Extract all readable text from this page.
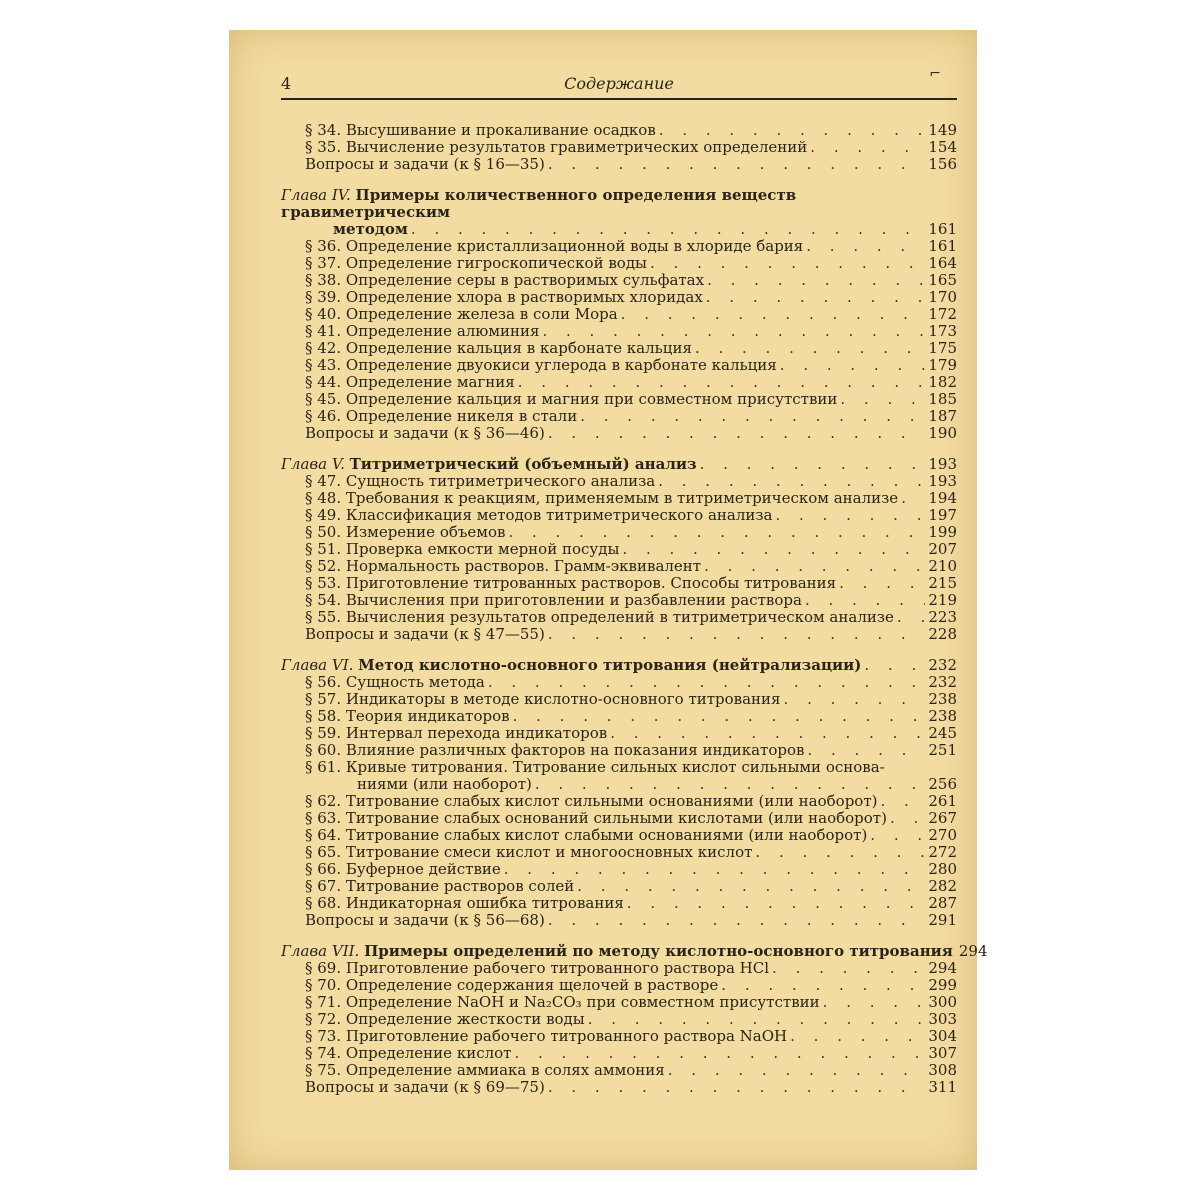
4	Содержание	⌐
§ 34. Высушивание и прокаливание осадков . . .	149
§ 35. Вычисление результатов гравиметрических определений . . .	154
Вопросы и задачи (к § 16—35) . . .	156
Глава IV. Примеры количественного определения веществ гравиметрическим
методом . . .	161
§ 36. Определение кристаллизационной воды в хлориде бария . . .	161
§ 37. Определение гигроскопической воды . . .	164
§ 38. Определение серы в растворимых сульфатах . . .	165
§ 39. Определение хлора в растворимых хлоридах . . .	170
§ 40. Определение железа в соли Мора . . .	172
§ 41. Определение алюминия . . .	173
§ 42. Определение кальция в карбонате кальция . . .	175
§ 43. Определение двуокиси углерода в карбонате кальция . . .	179
§ 44. Определение магния . . .	182
§ 45. Определение кальция и магния при совместном присутствии . . .	185
§ 46. Определение никеля в стали . . .	187
Вопросы и задачи (к § 36—46) . . .	190
Глава V. Титриметрический (объемный) анализ . . .	193
§ 47. Сущность титриметрического анализа . . .	193
§ 48. Требования к реакциям, применяемым в титриметрическом анализе . . . 194
§ 49. Классификация методов титриметрического анализа . . .	197
§ 50. Измерение объемов . . .	199
§ 51. Проверка емкости мерной посуды . . .	207
§ 52. Нормальность растворов. Грамм-эквивалент . . .	210
§ 53. Приготовление титрованных растворов. Способы титрования . . .	215
§ 54. Вычисления при приготовлении и разбавлении раствора . . .	219
§ 55. Вычисления результатов определений в титриметрическом анализе . . . 223
Вопросы и задачи (к § 47—55) . . .	228
Глава VI. Метод кислотно-основного титрования (нейтрализации) . . .	232
§ 56. Сущность метода . . .	232
§ 57. Индикаторы в методе кислотно-основного титрования . . .	238
§ 58. Теория индикаторов . . .	238
§ 59. Интервал перехода индикаторов . . .	245
§ 60. Влияние различных факторов на показания индикаторов . . .	251
§ 61. Кривые титрования. Титрование сильных кислот сильными основа-
ниями (или наоборот) . . .	256
§ 62. Титрование слабых кислот сильными основаниями (или наоборот) . . .	261
§ 63. Титрование слабых оснований сильными кислотами (или наоборот) . . .	267
§ 64. Титрование слабых кислот слабыми основаниями (или наоборот) . . .	270
§ 65. Титрование смеси кислот и многоосновных кислот . . .	272
§ 66. Буферное действие . . .	280
§ 67. Титрование растворов солей . . .	282
§ 68. Индикаторная ошибка титрования . . .	287
Вопросы и задачи (к § 56—68) . . .	291
Глава VII. Примеры определений по методу кислотно-основного титрования 294
§ 69. Приготовление рабочего титрованного раствора HCl . . .	294
§ 70. Определение содержания щелочей в растворе . . .	299
§ 71. Определение NaOH и Na₂CO₃ при совместном присутствии . . .	300
§ 72. Определение жесткости воды . . .	303
§ 73. Приготовление рабочего титрованного раствора NaOH . . .	304
§ 74. Определение кислот . . .	307
§ 75. Определение аммиака в солях аммония . . .	308
Вопросы и задачи (к § 69—75) . . .	311
